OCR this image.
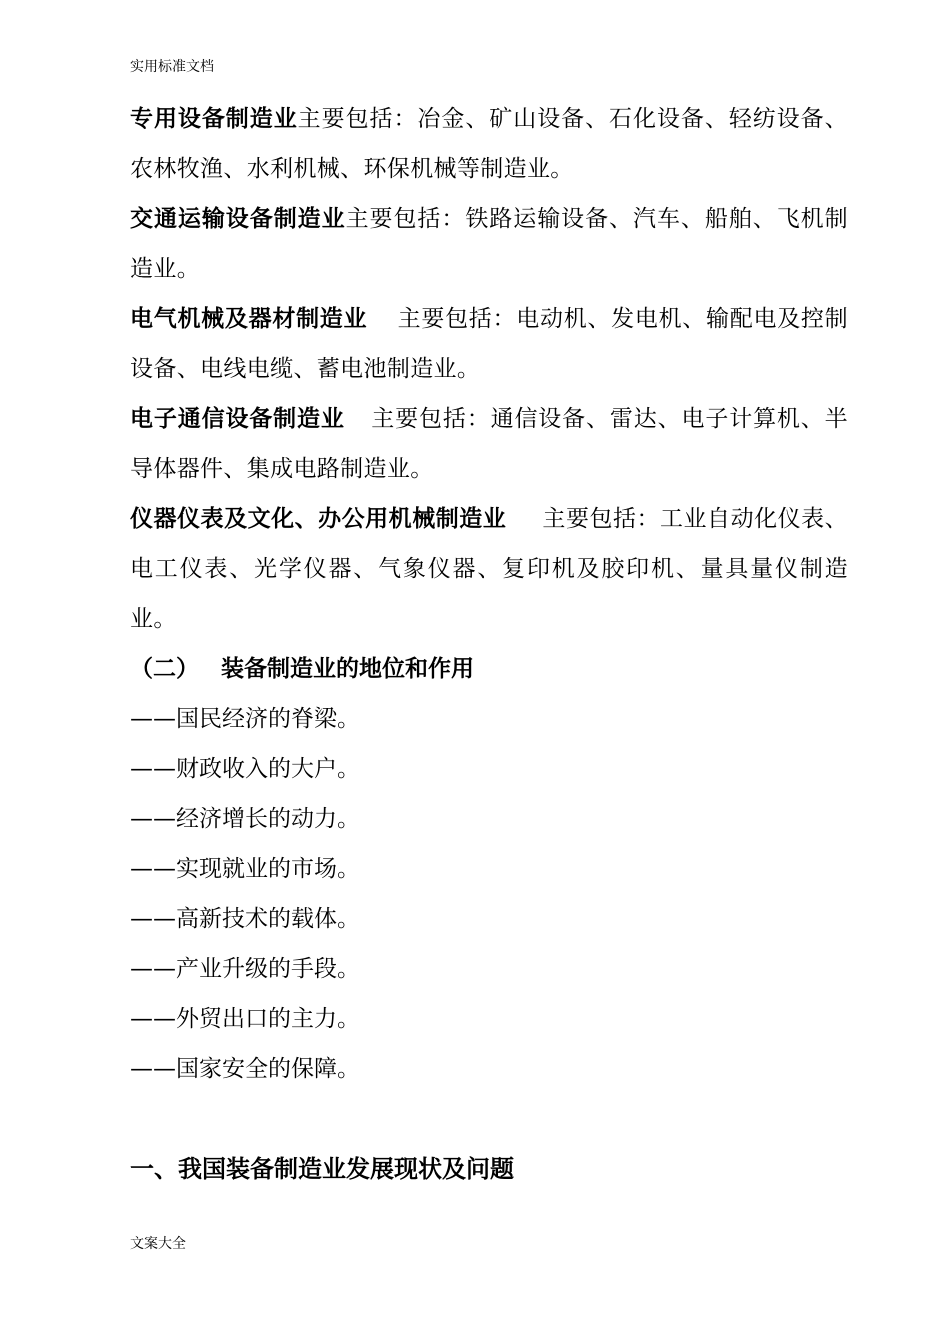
实用标准文档

专用设备制造业主要包括：冶金、矿山设备、石化设备、轻纺设备、农林牧渔、水利机械、环保机械等制造业。

交通运输设备制造业主要包括：铁路运输设备、汽车、船舶、飞机制造业。

电气机械及器材制造业 主要包括：电动机、发电机、输配电及控制设备、电线电缆、蓄电池制造业。

电子通信设备制造业 主要包括：通信设备、雷达、电子计算机、半导体器件、集成电路制造业。

仪器仪表及文化、办公用机械制造业 主要包括：工业自动化仪表、电工仪表、光学仪器、气象仪器、复印机及胶印机、量具量仪制造业。

（二） 装备制造业的地位和作用

——国民经济的脊梁。

——财政收入的大户。

——经济增长的动力。

——实现就业的市场。

——高新技术的载体。

——产业升级的手段。

——外贸出口的主力。

——国家安全的保障。

一、我国装备制造业发展现状及问题

文案大全
